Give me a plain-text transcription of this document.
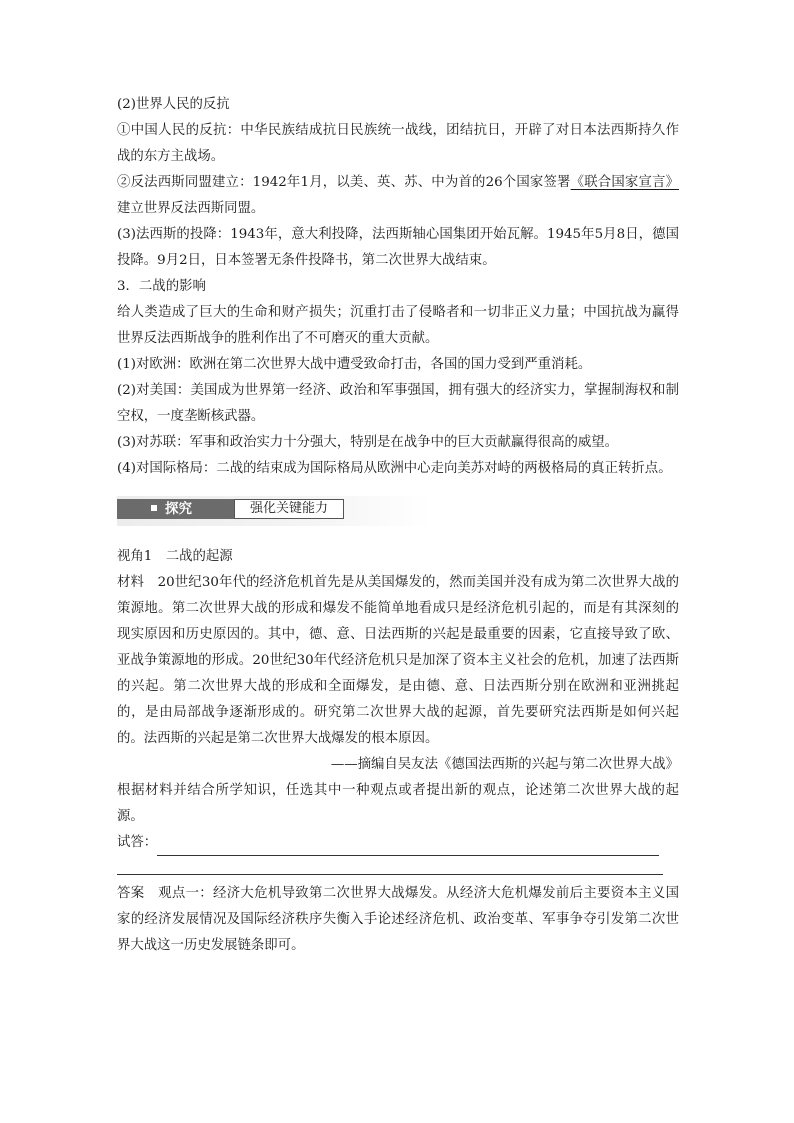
(2)世界人民的反抗

①中国人民的反抗：中华民族结成抗日民族统一战线，团结抗日，开辟了对日本法西斯持久作战的东方主战场。

②反法西斯同盟建立：1942年1月，以美、英、苏、中为首的26个国家签署《联合国家宣言》建立世界反法西斯同盟。

(3)法西斯的投降：1943年，意大利投降，法西斯轴心国集团开始瓦解。1945年5月8日，德国投降。9月2日，日本签署无条件投降书，第二次世界大战结束。

3．二战的影响

给人类造成了巨大的生命和财产损失；沉重打击了侵略者和一切非正义力量；中国抗战为赢得世界反法西斯战争的胜利作出了不可磨灭的重大贡献。

(1)对欧洲：欧洲在第二次世界大战中遭受致命打击，各国的国力受到严重消耗。

(2)对美国：美国成为世界第一经济、政治和军事强国，拥有强大的经济实力，掌握制海权和制空权，一度垄断核武器。

(3)对苏联：军事和政治实力十分强大，特别是在战争中的巨大贡献赢得很高的威望。

(4)对国际格局：二战的结束成为国际格局从欧洲中心走向美苏对峙的两极格局的真正转折点。

探究	强化关键能力

视角1　二战的起源

材料　20世纪30年代的经济危机首先是从美国爆发的，然而美国并没有成为第二次世界大战的策源地。第二次世界大战的形成和爆发不能简单地看成只是经济危机引起的，而是有其深刻的现实原因和历史原因的。其中，德、意、日法西斯的兴起是最重要的因素，它直接导致了欧、亚战争策源地的形成。20世纪30年代经济危机只是加深了资本主义社会的危机，加速了法西斯的兴起。第二次世界大战的形成和全面爆发，是由德、意、日法西斯分别在欧洲和亚洲挑起的，是由局部战争逐渐形成的。研究第二次世界大战的起源，首先要研究法西斯是如何兴起的。法西斯的兴起是第二次世界大战爆发的根本原因。

——摘编自吴友法《德国法西斯的兴起与第二次世界大战》

根据材料并结合所学知识，任选其中一种观点或者提出新的观点，论述第二次世界大战的起源。

试答：

答案　观点一：经济大危机导致第二次世界大战爆发。从经济大危机爆发前后主要资本主义国家的经济发展情况及国际经济秩序失衡入手论述经济危机、政治变革、军事争夺引发第二次世界大战这一历史发展链条即可。
